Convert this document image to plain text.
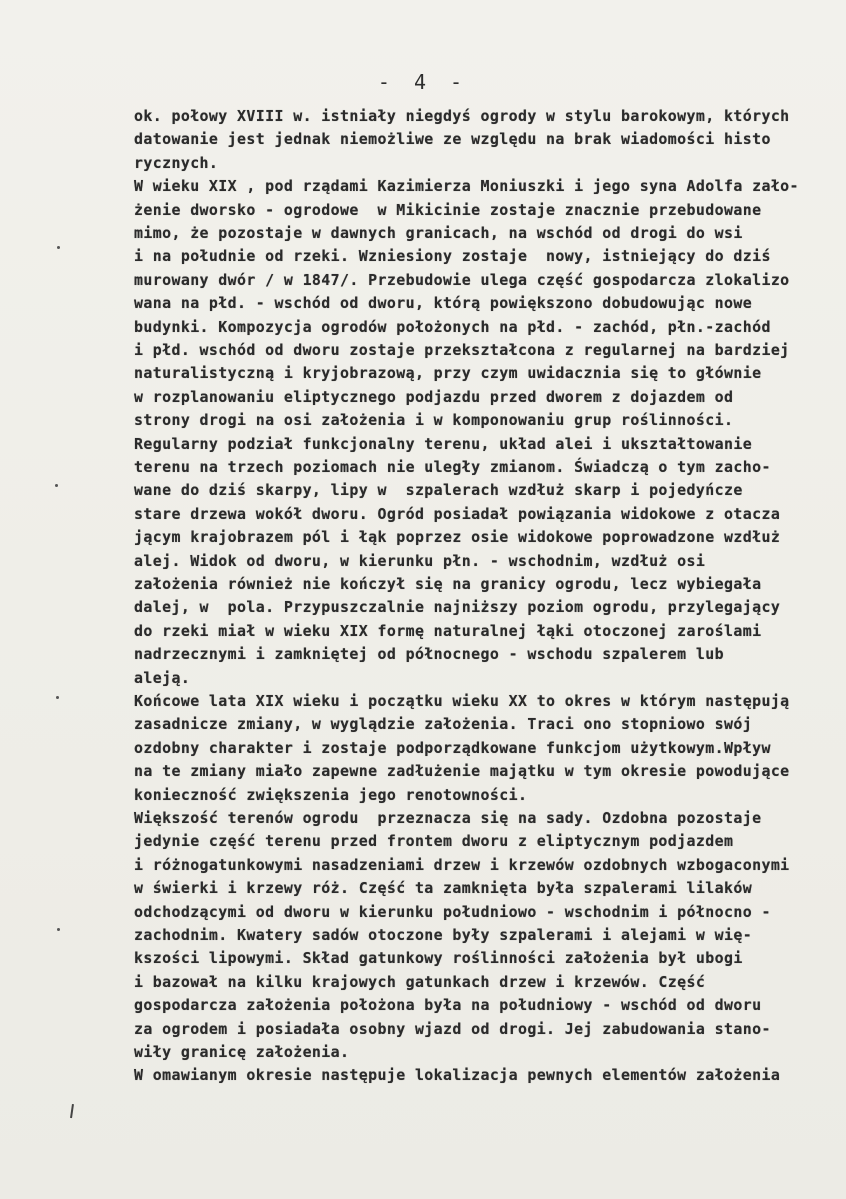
- 4 -
ok. połowy XVIII w. istniały niegdyś ogrody w stylu barokowym, których
datowanie jest jednak niemożliwe ze względu na brak wiadomości histo
rycznych.
W wieku XIX , pod rządami Kazimierza Moniuszki i jego syna Adolfa zało-
żenie dworsko - ogrodowe  w Mikicinie zostaje znacznie przebudowane
mimo, że pozostaje w dawnych granicach, na wschód od drogi do wsi
i na południe od rzeki. Wzniesiony zostaje  nowy, istniejący do dziś
murowany dwór / w 1847/. Przebudowie ulega część gospodarcza zlokalizo
wana na płd. - wschód od dworu, którą powiększono dobudowując nowe
budynki. Kompozycja ogrodów położonych na płd. - zachód, płn.-zachód
i płd. wschód od dworu zostaje przekształcona z regularnej na bardziej
naturalistyczną i kryjobrazową, przy czym uwidacznia się to głównie
w rozplanowaniu eliptycznego podjazdu przed dworem z dojazdem od
strony drogi na osi założenia i w komponowaniu grup roślinności.
Regularny podział funkcjonalny terenu, układ alei i ukształtowanie
terenu na trzech poziomach nie uległy zmianom. Świadczą o tym zacho-
wane do dziś skarpy, lipy w  szpalerach wzdłuż skarp i pojedyńcze
stare drzewa wokół dworu. Ogród posiadał powiązania widokowe z otacza
jącym krajobrazem pól i łąk poprzez osie widokowe poprowadzone wzdłuż
alej. Widok od dworu, w kierunku płn. - wschodnim, wzdłuż osi
założenia również nie kończył się na granicy ogrodu, lecz wybiegała
dalej, w  pola. Przypuszczalnie najniższy poziom ogrodu, przylegający
do rzeki miał w wieku XIX formę naturalnej łąki otoczonej zaroślami
nadrzecznymi i zamkniętej od północnego - wschodu szpalerem lub
aleją.
Końcowe lata XIX wieku i początku wieku XX to okres w którym następują
zasadnicze zmiany, w wyglądzie założenia. Traci ono stopniowo swój
ozdobny charakter i zostaje podporządkowane funkcjom użytkowym.Wpływ
na te zmiany miało zapewne zadłużenie majątku w tym okresie powodujące
konieczność zwiększenia jego renotowności.
Większość terenów ogrodu  przeznacza się na sady. Ozdobna pozostaje
jedynie część terenu przed frontem dworu z eliptycznym podjazdem
i różnogatunkowymi nasadzeniami drzew i krzewów ozdobnych wzbogaconymi
w świerki i krzewy róż. Część ta zamknięta była szpalerami lilaków
odchodzącymi od dworu w kierunku południowo - wschodnim i północno -
zachodnim. Kwatery sadów otoczone były szpalerami i alejami w wię-
kszości lipowymi. Skład gatunkowy roślinności założenia był ubogi
i bazował na kilku krajowych gatunkach drzew i krzewów. Część
gospodarcza założenia położona była na południowy - wschód od dworu
za ogrodem i posiadała osobny wjazd od drogi. Jej zabudowania stano-
wiły granicę założenia.
W omawianym okresie następuje lokalizacja pewnych elementów założenia
